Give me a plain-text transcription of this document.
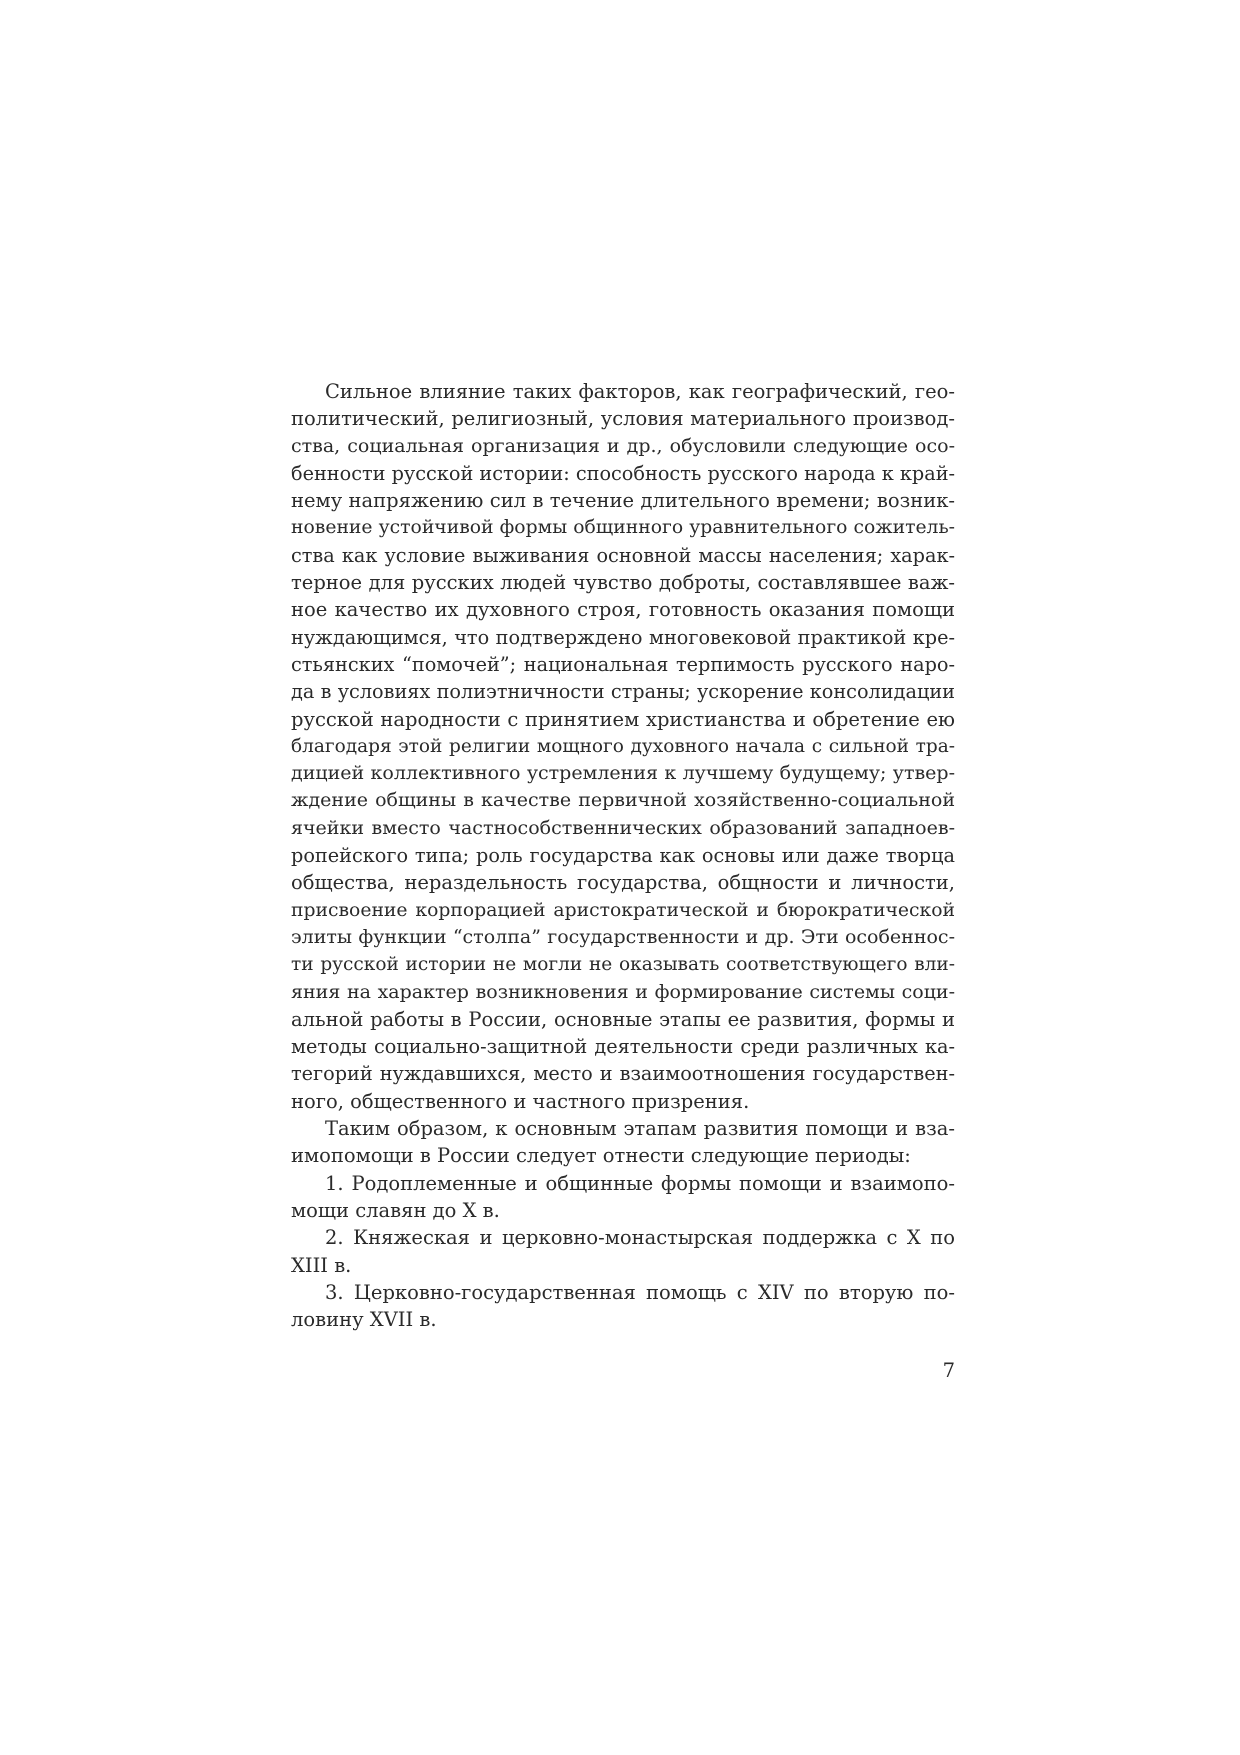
Сильное влияние таких факторов, как географический, гео-
политический, религиозный, условия материального производ-
ства, социальная организация и др., обусловили следующие осо-
бенности русской истории: способность русского народа к край-
нему напряжению сил в течение длительного времени; возник-
новение устойчивой формы общинного уравнительного сожитель-
ства как условие выживания основной массы населения; харак-
терное для русских людей чувство доброты, составлявшее важ-
ное качество их духовного строя, готовность оказания помощи
нуждающимся, что подтверждено многовековой практикой кре-
стьянских “помочей”; национальная терпимость русского наро-
да в условиях полиэтничности страны; ускорение консолидации
русской народности с принятием христианства и обретение ею
благодаря этой религии мощного духовного начала с сильной тра-
дицией коллективного устремления к лучшему будущему; утвер-
ждение общины в качестве первичной хозяйственно-социальной
ячейки вместо частнособственнических образований западноев-
ропейского типа; роль государства как основы или даже творца
общества, нераздельность государства, общности и личности,
присвоение корпорацией аристократической и бюрократической
элиты функции “столпа” государственности и др. Эти особеннос-
ти русской истории не могли не оказывать соответствующего вли-
яния на характер возникновения и формирование системы соци-
альной работы в России, основные этапы ее развития, формы и
методы социально-защитной деятельности среди различных ка-
тегорий нуждавшихся, место и взаимоотношения государствен-
ного, общественного и частного призрения.
Таким образом, к основным этапам развития помощи и вза-
имопомощи в России следует отнести следующие периоды:
1. Родоплеменные и общинные формы помощи и взаимопо-
мощи славян до X в.
2. Княжеская и церковно-монастырская поддержка с X по
XIII в.
3. Церковно-государственная помощь с XIV по вторую по-
ловину XVII в.
7
